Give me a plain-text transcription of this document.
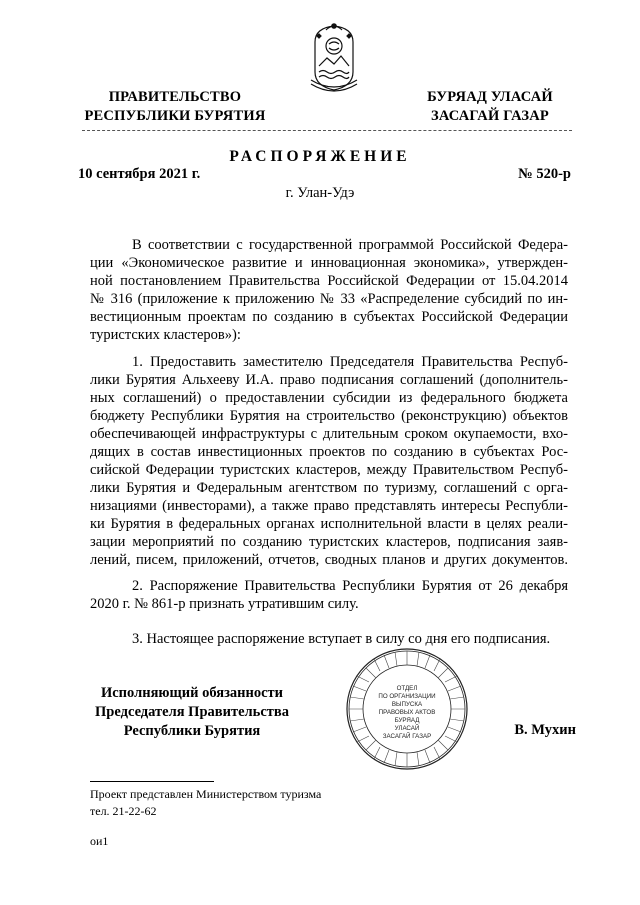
ПРАВИТЕЛЬСТВО
РЕСПУБЛИКИ БУРЯТИЯ
БУРЯАД УЛАСАЙ
ЗАСАГАЙ ГАЗАР
РАСПОРЯЖЕНИЕ
10 сентября 2021 г.	№ 520-р
г. Улан-Удэ
В соответствии с государственной программой Российской Федера-
ции «Экономическое развитие и инновационная экономика», утвержден-
ной постановлением Правительства Российской Федерации от 15.04.2014
№ 316 (приложение к приложению № 33 «Распределение субсидий по ин-
вестиционным проектам по созданию в субъектах Российской Федерации
туристских кластеров»):
1. Предоставить заместителю Председателя Правительства Респуб-
лики Бурятия Альхееву И.А. право подписания соглашений (дополнитель-
ных соглашений) о предоставлении субсидии из федерального бюджета
бюджету Республики Бурятия на строительство (реконструкцию) объектов
обеспечивающей инфраструктуры с длительным сроком окупаемости, вхо-
дящих в состав инвестиционных проектов по созданию в субъектах Рос-
сийской Федерации туристских кластеров, между Правительством Респуб-
лики Бурятия и Федеральным агентством по туризму, соглашений с орга-
низациями (инвесторами), а также право представлять интересы Республи-
ки Бурятия в федеральных органах исполнительной власти в целях реали-
зации мероприятий по созданию туристских кластеров, подписания заяв-
лений, писем, приложений, отчетов, сводных планов и других документов.
2. Распоряжение Правительства Республики Бурятия от 26 декабря
2020 г. № 861-р признать утратившим силу.
3. Настоящее распоряжение вступает в силу со дня его подписания.
Исполняющий обязанности
Председателя Правительства
Республики Бурятия
ОТДЕЛ
ПО ОРГАНИЗАЦИИ
ВЫПУСКА
ПРАВОВЫХ АКТОВ
БУРЯАД
УЛАСАЙ
ЗАСАГАЙ ГАЗАР	В. Мухин
Проект представлен Министерством туризма
тел. 21-22-62
ои1
